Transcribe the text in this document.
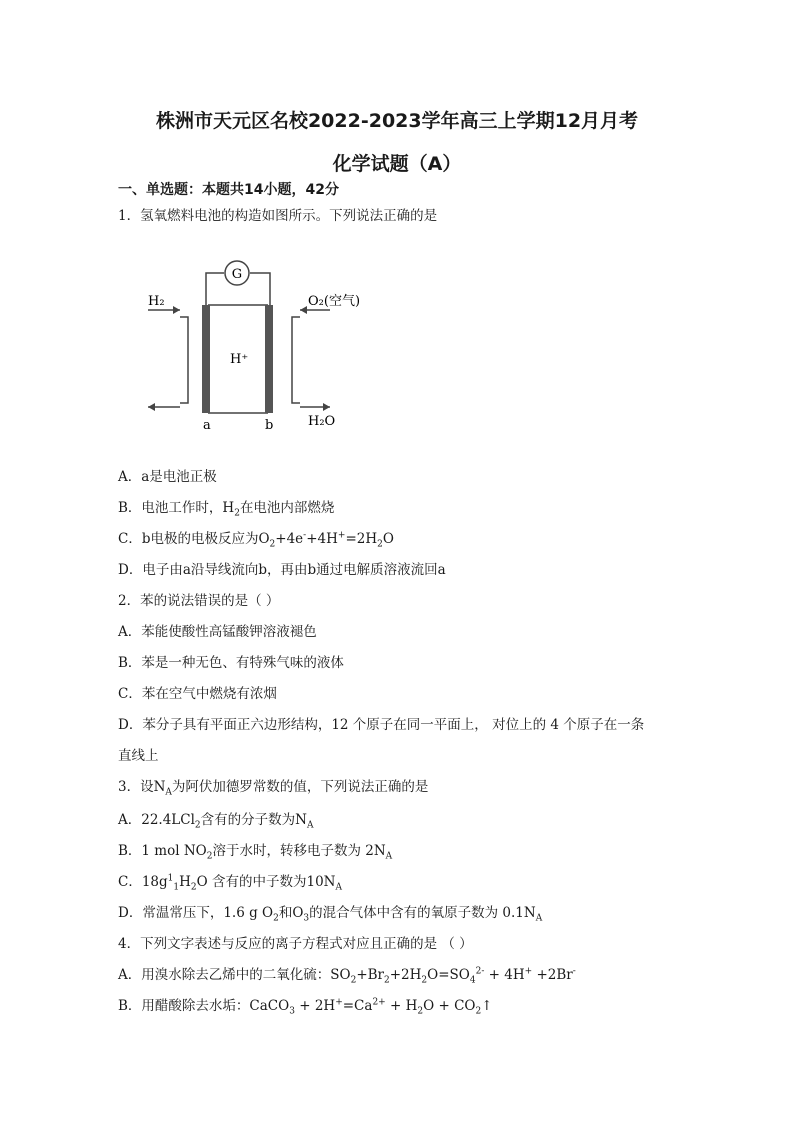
株洲市天元区名校2022-2023学年高三上学期12月月考
化学试题（A）
一、单选题：本题共14小题，42分
1．氢氧燃料电池的构造如图所示。下列说法正确的是
G
H₂	O₂(空气)
H⁺
a	b	H₂O
A．a是电池正极
B．电池工作时，$H_2$在电池内部燃烧
C．b电极的电极反应为$O_2+4e^-+4H^+=2H_2O$
D．电子由a沿导线流向b，再由b通过电解质溶液流回a
2．苯的说法错误的是（ ）
A．苯能使酸性高锰酸钾溶液褪色
B．苯是一种无色、有特殊气味的液体
C．苯在空气中燃烧有浓烟
D．苯分子具有平面正六边形结构，12 个原子在同一平面上， 对位上的 4 个原子在一条
直线上
3．设$N_A$为阿伏加德罗常数的值，下列说法正确的是
A．22.4LCl$_2$含有的分子数为$N_A$
B．1 mol $NO_2$溶于水时，转移电子数为 $2N_A$
C．$18g^1_1H_2O$ 含有的中子数为$10N_A$
D．常温常压下，1.6 g $O_2$和$O_3$的混合气体中含有的氧原子数为 $0.1N_A$
4．下列文字表述与反应的离子方程式对应且正确的是 （ ）
A．用溴水除去乙烯中的二氧化硫：$SO_2+Br_2+2H_2O=SO_4^{2-} + 4H^+ +2Br^-$
B．用醋酸除去水垢：CaCO$_3$ + $2H^+=Ca^{2+} + H_2O$ + $CO_2↑$
